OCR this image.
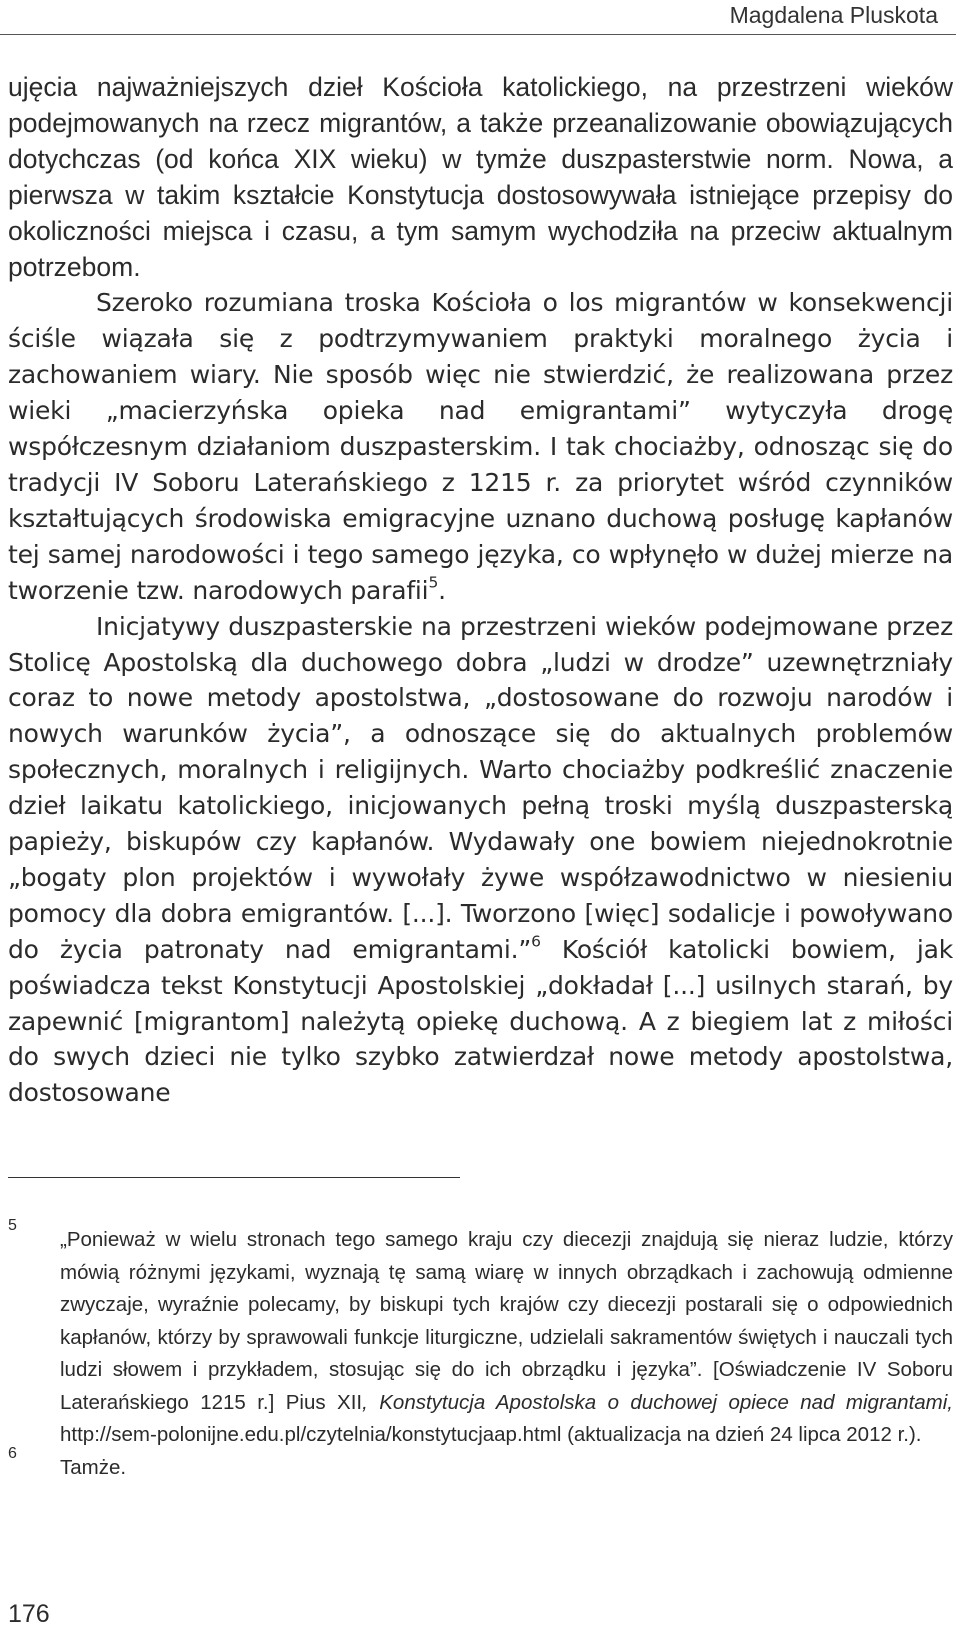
Magdalena Pluskota

ujęcia najważniejszych dzieł Kościoła katolickiego, na przestrzeni wieków podejmowanych na rzecz migrantów, a także przeanalizowanie obowiązujących dotychczas (od końca XIX wieku) w tymże duszpasterstwie norm. Nowa, a pierwsza w takim kształcie Konstytucja dostosowywała istniejące przepisy do okoliczności miejsca i czasu, a tym samym wychodziła na przeciw aktualnym potrzebom.

Szeroko rozumiana troska Kościoła o los migrantów w konsekwencji ściśle wiązała się z podtrzymywaniem praktyki moralnego życia i zachowaniem wiary. Nie sposób więc nie stwierdzić, że realizowana przez wieki „macierzyńska opieka nad emigrantami” wytyczyła drogę współczesnym działaniom duszpasterskim. I tak chociażby, odnosząc się do tradycji IV Soboru Laterańskiego z 1215 r. za priorytet wśród czynników kształtujących środowiska emigracyjne uznano duchową posługę kapłanów tej samej narodowości i tego samego języka, co wpłynęło w dużej mierze na tworzenie tzw. narodowych parafii$^5$.

Inicjatywy duszpasterskie na przestrzeni wieków podejmowane przez Stolicę Apostolską dla duchowego dobra „ludzi w drodze” uzewnętrzniały coraz to nowe metody apostolstwa, „dostosowane do rozwoju narodów i nowych warunków życia”, a odnoszące się do aktualnych problemów społecznych, moralnych i religijnych. Warto chociażby podkreślić znaczenie dzieł laikatu katolickiego, inicjowanych pełną troski myślą duszpasterską papieży, biskupów czy kapłanów. Wydawały one bowiem niejednokrotnie „bogaty plon projektów i wywołały żywe współzawodnictwo w niesieniu pomocy dla dobra emigrantów. [...]. Tworzono [więc] sodalicje i powoływano do życia patronaty nad emigrantami.”$^6$ Kościół katolicki bowiem, jak poświadcza tekst Konstytucji Apostolskiej „dokładał [...] usilnych starań, by zapewnić [migrantom] należytą opiekę duchową. A z biegiem lat z miłości do swych dzieci nie tylko szybko zatwierdzał nowe metody apostolstwa, dostosowane

5
„Ponieważ w wielu stronach tego samego kraju czy diecezji znajdują się nieraz ludzie, którzy mówią różnymi językami, wyznają tę samą wiarę w innych obrządkach i zachowują odmienne zwyczaje, wyraźnie polecamy, by biskupi tych krajów czy diecezji postarali się o odpowiednich kapłanów, którzy by sprawowali funkcje liturgiczne, udzielali sakramentów świętych i nauczali tych ludzi słowem i przykładem, stosując się do ich obrządku i języka”. [Oświadczenie IV Soboru Laterańskiego 1215 r.] Pius XII, Konstytucja Apostolska o duchowej opiece nad migrantami, http://sem-polonijne.edu.pl/czytelnia/konstytucjaap.html (aktualizacja na dzień 24 lipca 2012 r.).
6
Tamże.
176
